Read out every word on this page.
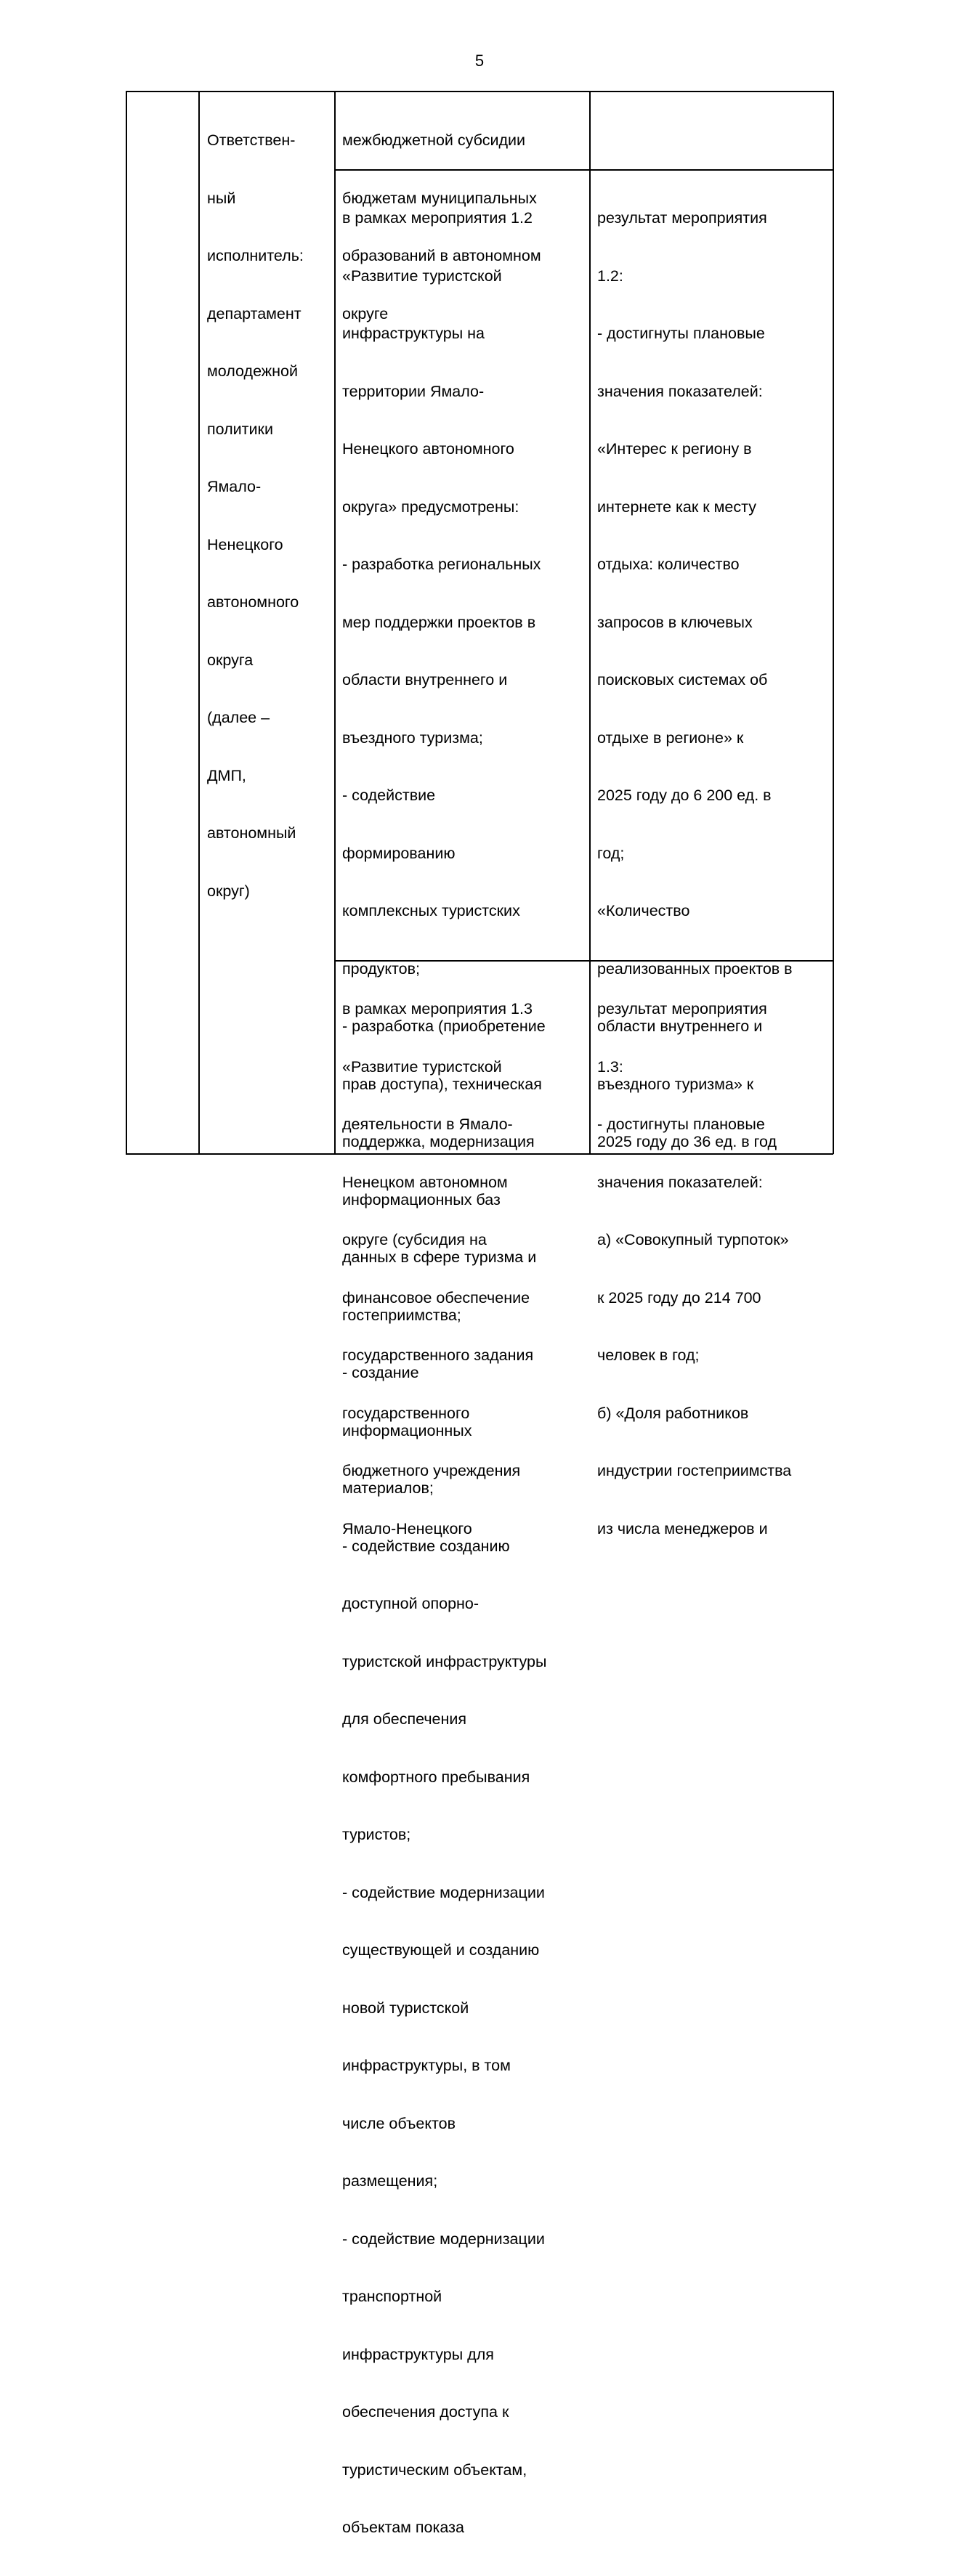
5

Ответствен-

ный

исполнитель:

департамент

молодежной

политики

Ямало-

Ненецкого

автономного

округа

(далее –

ДМП,

автономный

округ)

межбюджетной субсидии

бюджетам муниципальных

образований в автономном

округе

в рамках мероприятия 1.2

«Развитие туристской

инфраструктуры на

территории Ямало-

Ненецкого автономного

округа» предусмотрены:

- разработка региональных

мер поддержки проектов в

области внутреннего и

въездного туризма;

- содействие

формированию

комплексных туристских

продуктов;

- разработка (приобретение

прав доступа), техническая

поддержка, модернизация

информационных баз

данных в сфере туризма и

гостеприимства;

- создание

информационных

материалов;

- содействие созданию

доступной опорно-

туристской инфраструктуры

для обеспечения

комфортного пребывания

туристов;

- содействие модернизации

существующей и созданию

новой туристской

инфраструктуры, в том

числе объектов

размещения;

- содействие модернизации

транспортной

инфраструктуры для

обеспечения доступа к

туристическим объектам,

объектам показа

результат мероприятия

1.2:

- достигнуты плановые

значения показателей:

«Интерес к региону в

интернете как к месту

отдыха: количество

запросов в ключевых

поисковых системах об

отдыхе в регионе» к

2025 году до 6 200 ед. в

год;

«Количество

реализованных проектов в

области внутреннего и

въездного туризма» к

2025 году до 36 ед. в год

в рамках мероприятия 1.3

«Развитие туристской

деятельности в Ямало-

Ненецком автономном

округе (субсидия на

финансовое обеспечение

государственного задания

государственного

бюджетного учреждения

Ямало-Ненецкого

результат мероприятия

1.3:

- достигнуты плановые

значения показателей:

а) «Совокупный турпоток»

к 2025 году до 214 700

человек в год;

б) «Доля работников

индустрии гостеприимства

из числа менеджеров и
